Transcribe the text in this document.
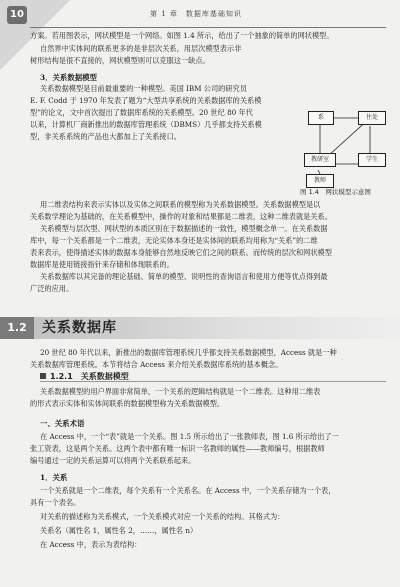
10	第 1 章　数据库基础知识
方案。若用图表示，网状模型是一个网络。如图 1.4 所示，给出了一个抽象的简单的网状模型。
自然界中实体间的联系更多的是非层次关系，用层次模型表示非
树形结构是很不直接的，网状模型则可以克服这一缺点。
3．关系数据模型
关系数据模型是目前最重要的一种模型。美国 IBM 公司的研究员
E. F. Codd 于 1970 年发表了题为“大型共享系统的关系数据库的关系模
型”的论文，文中首次提出了数据库系统的关系模型。20 世纪 80 年代
以来，计算机厂商新推出的数据库管理系统（DBMS）几乎都支持关系模
型，非关系系统的产品也大都加上了关系接口。
系	住处
教研室	学生
教师
图 1.4　网状模型示意图
用二维表结构来表示实体以及实体之间联系的模型称为关系数据模型。关系数据模型是以
关系数学理论为基础的，在关系模型中，操作的对象和结果都是二维表，这种二维表就是关系。
关系模型与层次型、网状型的本质区别在于数据描述的一致性，模型概念单一。在关系数据
库中，每一个关系都是一个二维表，无论实体本身还是实体间的联系均用称为“关系”的二维
表来表示，使得描述实体的数据本身能够自然地反映它们之间的联系。而传统的层次和网状模型
数据库是使用链接指针来存储和体现联系的。
关系数据库以其完备的理论基础、简单的模型、说明性的查询语言和使用方便等优点得到最
广泛的应用。
1.2	关系数据库
20 世纪 80 年代以来，新推出的数据库管理系统几乎都支持关系数据模型，Access 就是一种
关系数据库管理系统。本节将结合 Access 来介绍关系数据库系统的基本概念。
1.2.1　关系数据模型
关系数据模型的用户界面非常简单，一个关系的逻辑结构就是一个二维表。这种用二维表
的形式表示实体和实体间联系的数据模型称为关系数据模型。
一、关系术语
在 Access 中，一个“表”就是一个关系。图 1.5 所示给出了一张教师表，图 1.6 所示给出了一
张工资表，这是两个关系。这两个表中都有唯一标识一名教师的属性——教师编号，根据教师
编号通过一定的关系运算可以将两个关系联系起来。
1．关系
一个关系就是一个二维表，每个关系有一个关系名。在 Access 中，一个关系存储为一个表，
具有一个表名。
对关系的描述称为关系模式，一个关系模式对应一个关系的结构。其格式为：
关系名（属性名 1，属性名 2，……，属性名 n）
在 Access 中，表示为表结构：
